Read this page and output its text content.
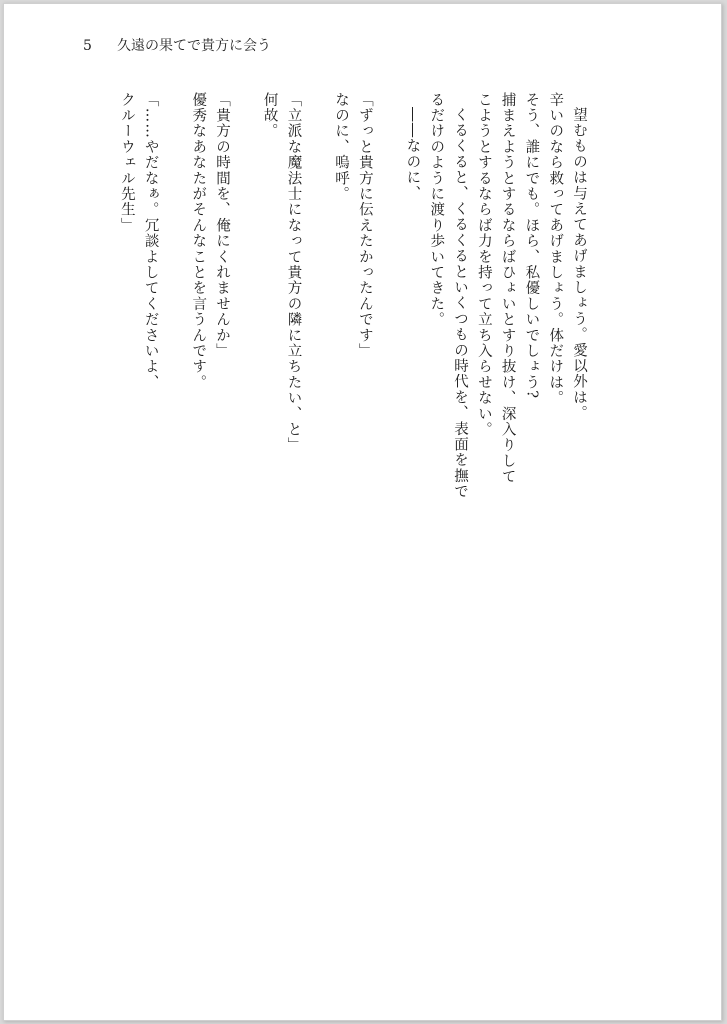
5 久遠の果てで貴方に会う
望むものは与えてあげましょう。愛以外は。
辛いのなら救ってあげましょう。体だけは。
そう、誰にでも。ほら、私優しいでしょう?
捕まえようとするならばひょいとすり抜け、深入りして
こようとするならば力を持って立ち入らせない。
くるくると、くるくるといくつもの時代を、表面を撫で
るだけのように渡り歩いてきた。
――なのに、
「ずっと貴方に伝えたかったんです」
なのに、嗚呼。
「立派な魔法士になって貴方の隣に立ちたい、と」
何故。
「貴方の時間を、俺にくれませんか」
優秀なあなたがそんなことを言うんです。
「……やだなぁ。冗談よしてくださいよ、
クルーウェル先生」
